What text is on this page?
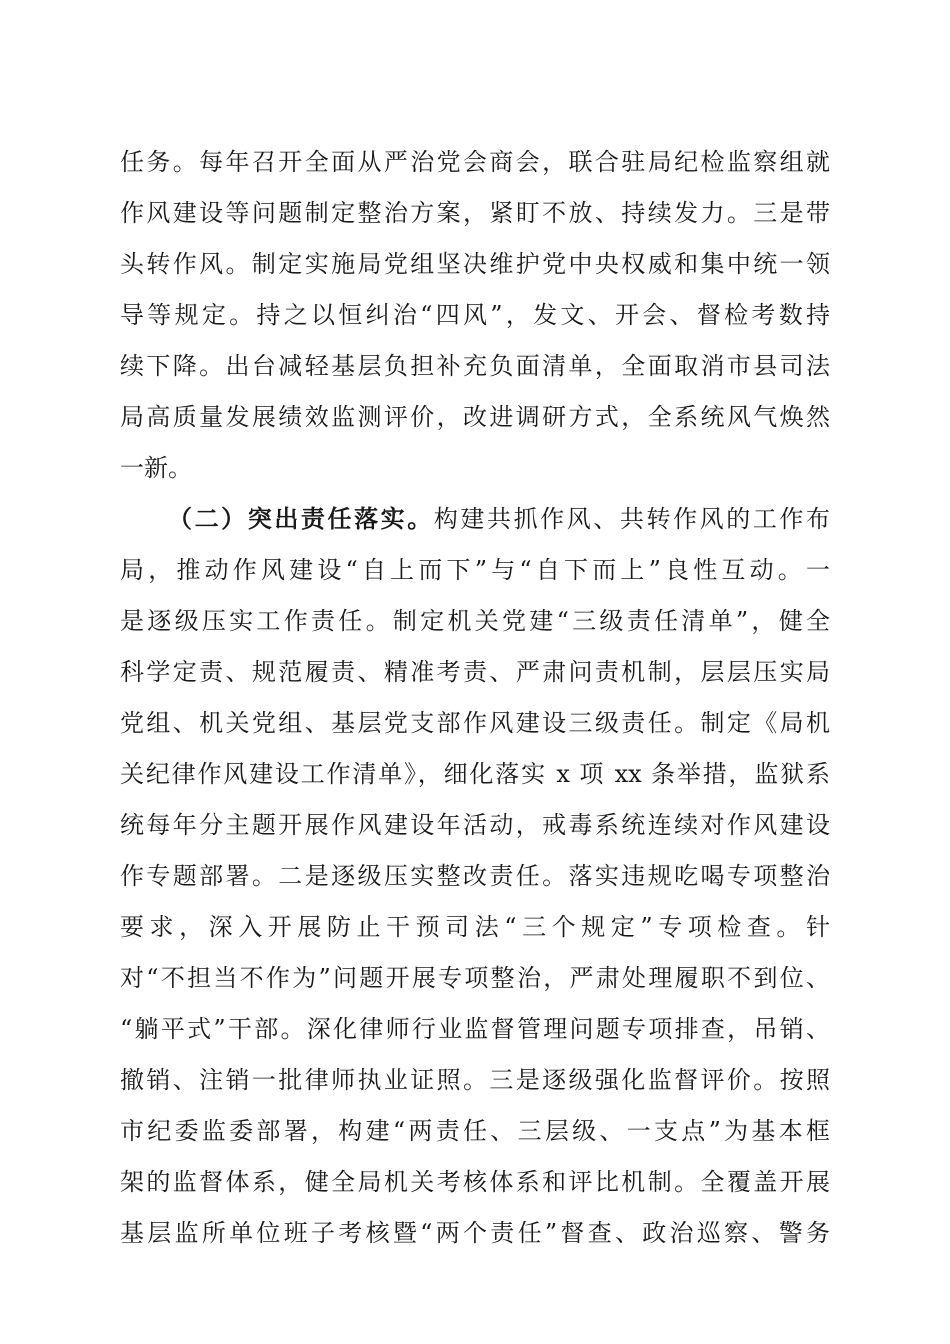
任务。每年召开全面从严治党会商会，联合驻局纪检监察组就
作风建设等问题制定整治方案，紧盯不放、持续发力。三是带
头转作风。制定实施局党组坚决维护党中央权威和集中统一领
导等规定。持之以恒纠治“四风”，发文、开会、督检考数持
续下降。出台减轻基层负担补充负面清单，全面取消市县司法
局高质量发展绩效监测评价，改进调研方式，全系统风气焕然
一新。
（二）突出责任落实。构建共抓作风、共转作风的工作布
局，推动作风建设“自上而下”与“自下而上”良性互动。一
是逐级压实工作责任。制定机关党建“三级责任清单”，健全
科学定责、规范履责、精准考责、严肃问责机制，层层压实局
党组、机关党组、基层党支部作风建设三级责任。制定《局机
关纪律作风建设工作清单》，细化落实 x 项 xx 条举措，监狱系
统每年分主题开展作风建设年活动，戒毒系统连续对作风建设
作专题部署。二是逐级压实整改责任。落实违规吃喝专项整治
要求，深入开展防止干预司法“三个规定”专项检查。针
对“不担当不作为”问题开展专项整治，严肃处理履职不到位、
“躺平式”干部。深化律师行业监督管理问题专项排查，吊销、
撤销、注销一批律师执业证照。三是逐级强化监督评价。按照
市纪委监委部署，构建“两责任、三层级、一支点”为基本框
架的监督体系，健全局机关考核体系和评比机制。全覆盖开展
基层监所单位班子考核暨“两个责任”督查、政治巡察、警务
